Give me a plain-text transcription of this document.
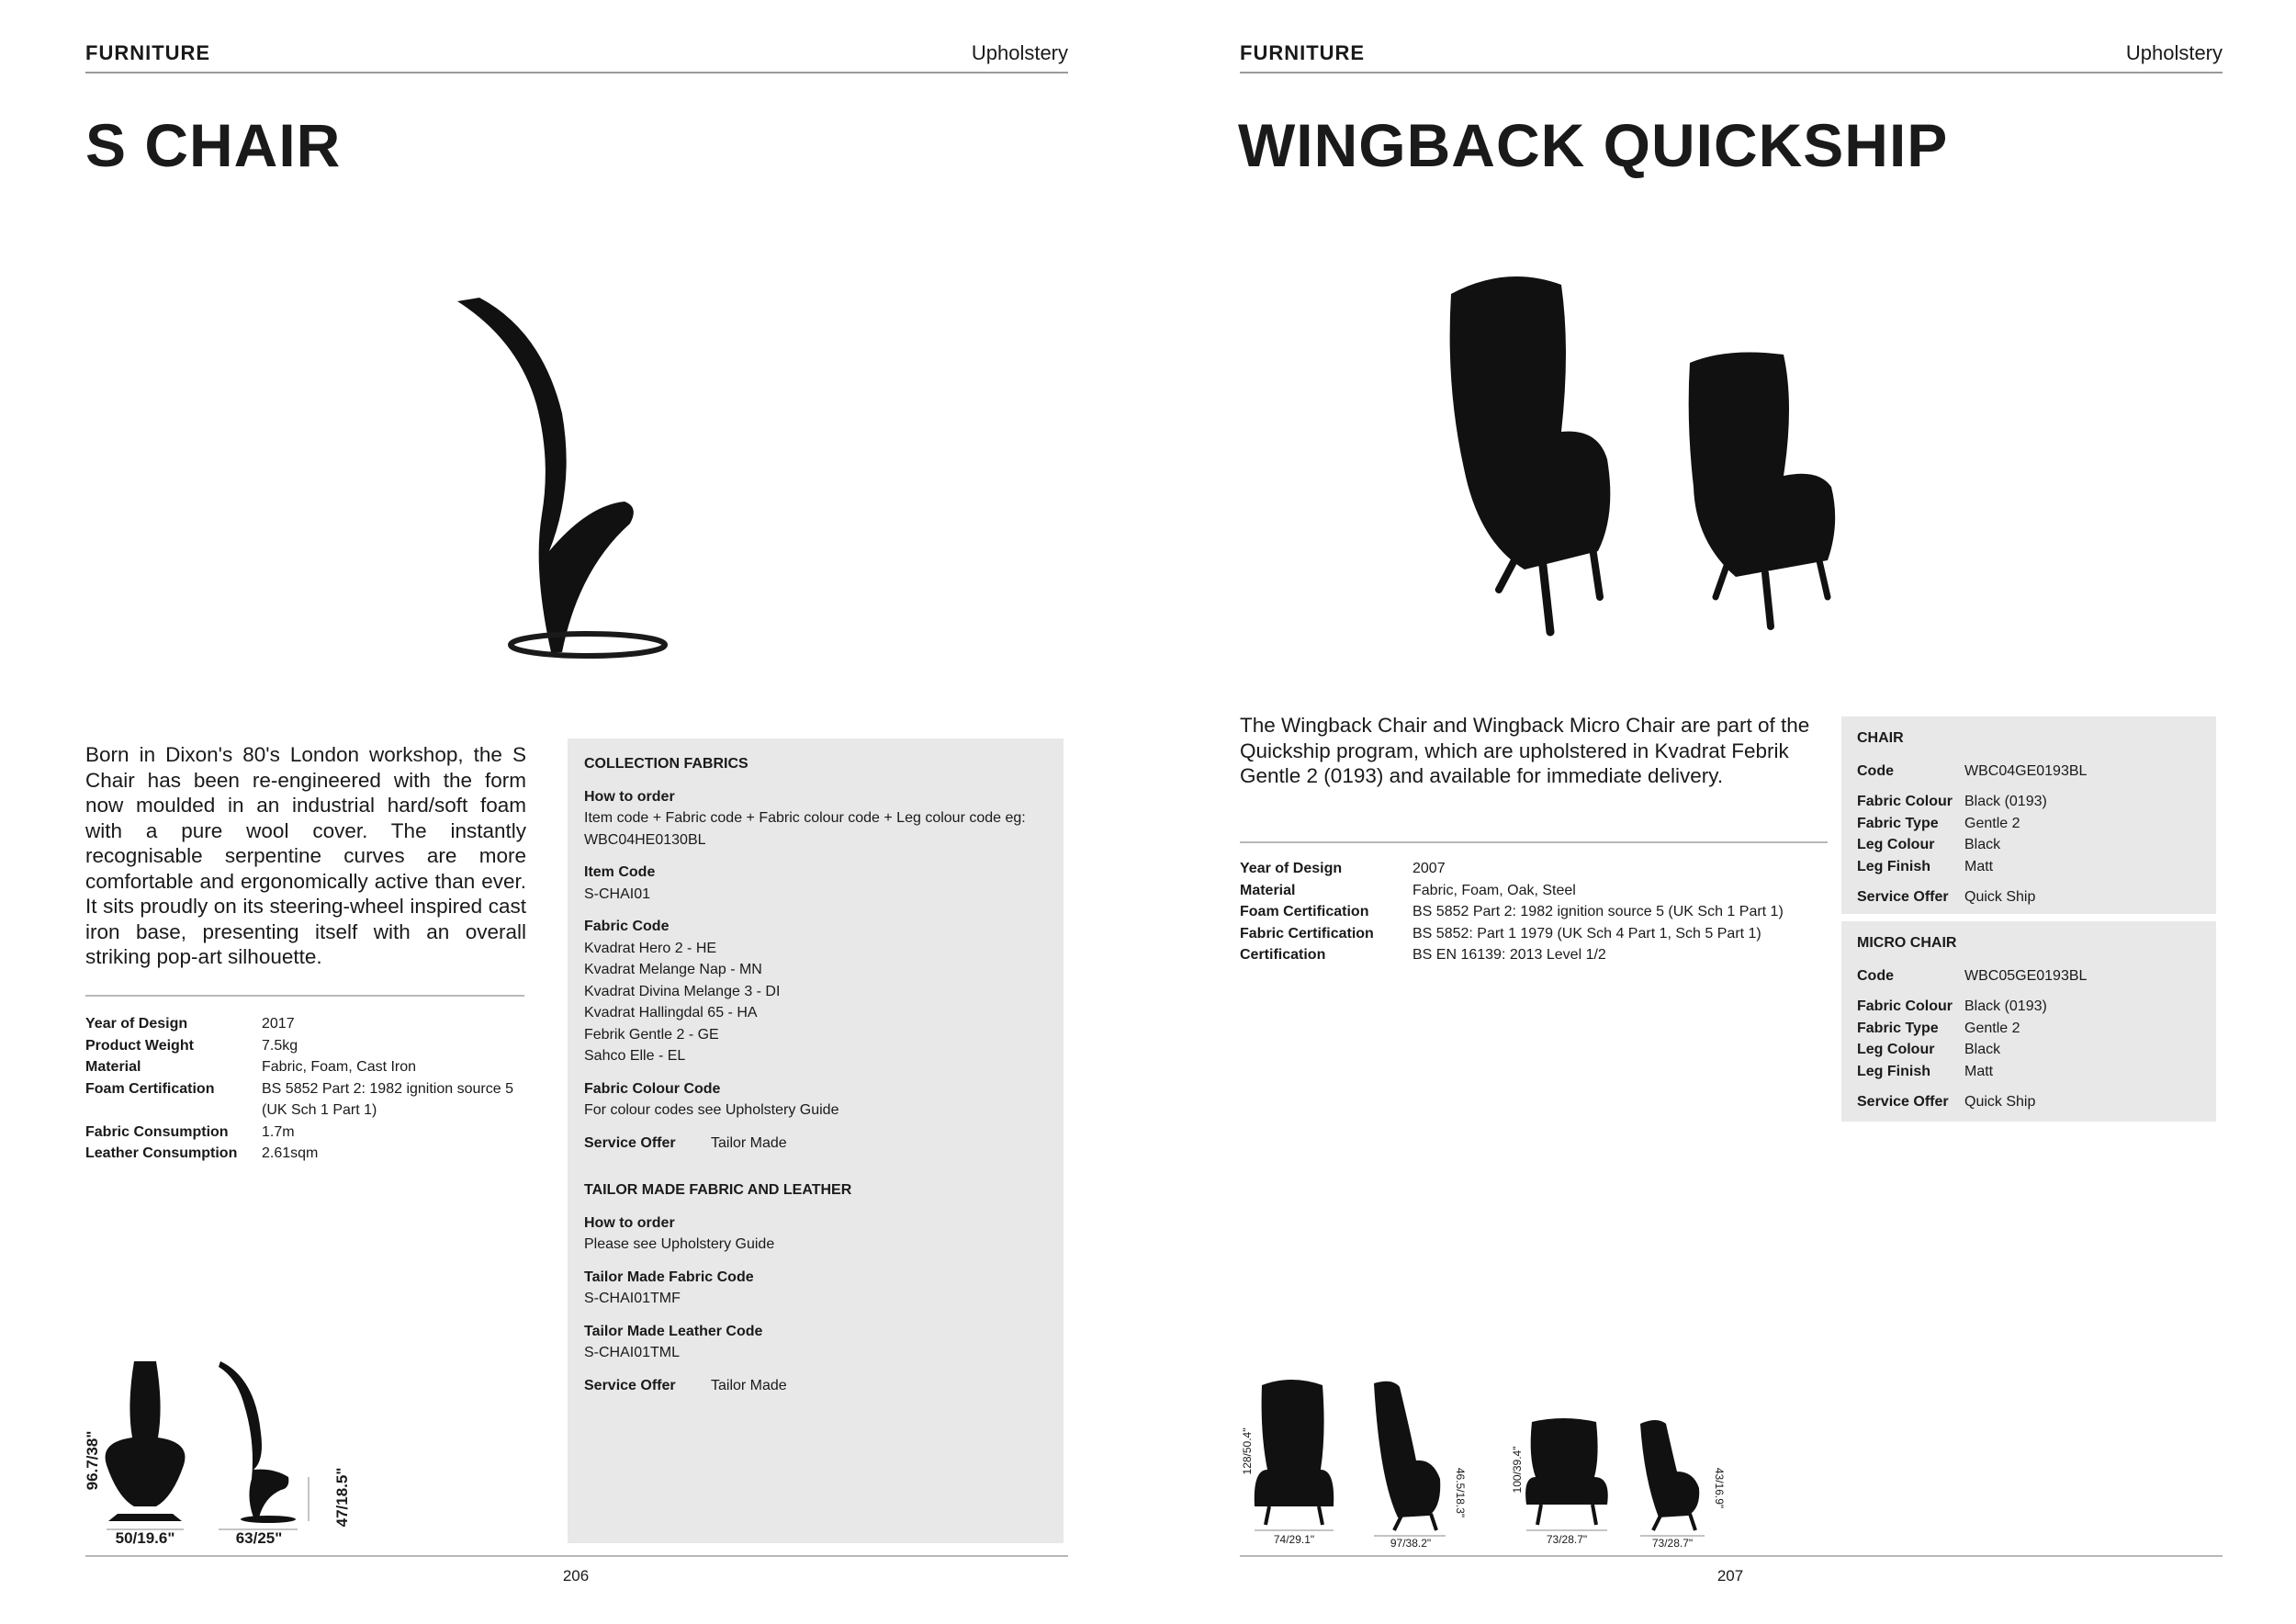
FURNITURE	Upholstery
S CHAIR

Born in Dixon's 80's London workshop, the S Chair has been re-engineered with the form now moulded in an industrial hard/soft foam with a pure wool cover. The instantly recognisable serpentine curves are more comfortable and ergonomically active than ever. It sits proudly on its steering-wheel inspired cast iron base, presenting itself with an overall striking pop-art silhouette.

Year of Design	2017
Product Weight	7.5kg
Material	Fabric, Foam, Cast Iron
Foam Certification	BS 5852 Part 2: 1982 ignition source 5 (UK Sch 1 Part 1)
Fabric Consumption	1.7m
Leather Consumption	2.61sqm
COLLECTION FABRICS
How to order
Item code + Fabric code + Fabric colour code + Leg colour code eg: WBC04HE0130BL
Item Code
S-CHAI01
Fabric Code
Kvadrat Hero 2 - HE
Kvadrat Melange Nap - MN
Kvadrat Divina Melange 3 - DI
Kvadrat Hallingdal 65 - HA
Febrik Gentle 2 - GE
Sahco Elle - EL
Fabric Colour Code
For colour codes see Upholstery Guide
Service Offer	Tailor Made
TAILOR MADE FABRIC AND LEATHER
How to order
Please see Upholstery Guide
Tailor Made Fabric Code
S-CHAI01TMF
Tailor Made Leather Code
S-CHAI01TML
Service Offer	Tailor Made
96.7/38"
50/19.6"	63/25"
47/18.5"
206
FURNITURE	Upholstery
WINGBACK QUICKSHIP

The Wingback Chair and Wingback Micro Chair are part of the Quickship program, which are upholstered in Kvadrat Febrik Gentle 2 (0193) and available for immediate delivery.

Year of Design	2007
Material	Fabric, Foam, Oak, Steel
Foam Certification	BS 5852 Part 2: 1982 ignition source 5 (UK Sch 1 Part 1)
Fabric Certification	BS 5852: Part 1 1979 (UK Sch 4 Part 1, Sch 5 Part 1)
Certification	BS EN 16139: 2013 Level 1/2
CHAIR
Code	WBC04GE0193BL
Fabric Colour Black (0193)
Fabric Type	Gentle 2
Leg Colour	Black
Leg Finish	Matt
Service Offer	Quick Ship
MICRO CHAIR
Code	WBC05GE0193BL
Fabric Colour Black (0193)
Fabric Type	Gentle 2
Leg Colour	Black
Leg Finish	Matt
Service Offer	Quick Ship
128/50.4"
74/29.1"	97/38.2"
46.5/18.3"	100/39.4"
73/28.7"	73/28.7"
43/16.9"
207
